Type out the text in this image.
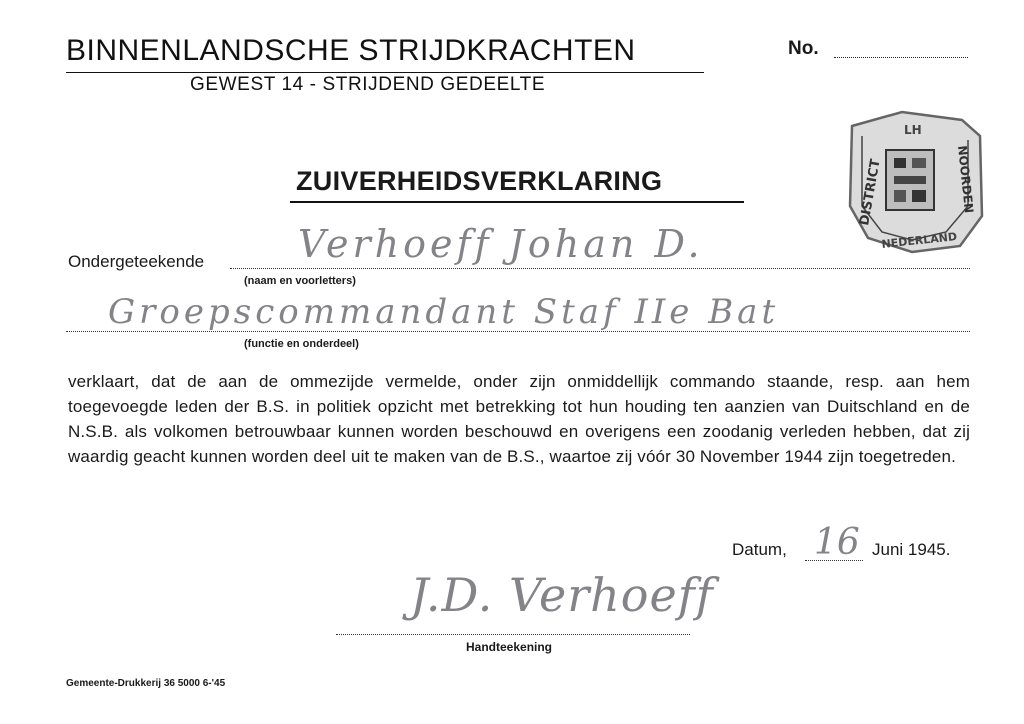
BINNENLANDSCHE STRIJDKRACHTEN
GEWEST 14 - STRIJDEND GEDEELTE
No.
DISTRICT	NOORDEN
NEDERLAND
LH
ZUIVERHEIDSVERKLARING
Ondergeteekende Verhoeff Johan D.
(naam en voorletters)
Groepscommandant Staf IIe Bat
(functie en onderdeel)
verklaart, dat de aan de ommezijde vermelde, onder zijn onmiddellijk commando staande, resp. aan hem toegevoegde leden der B.S. in politiek opzicht met betrekking tot hun houding ten aanzien van Duitschland en de N.S.B. als volkomen betrouwbaar kunnen worden beschouwd en overigens een zoodanig verleden hebben, dat zij waardig geacht kunnen worden deel uit te maken van de B.S., waartoe zij vóór 30 November 1944 zijn toegetreden.
Datum, 16 Juni 1945.
J.D. Verhoeff
Handteekening
Gemeente-Drukkerij 36 5000 6-'45
